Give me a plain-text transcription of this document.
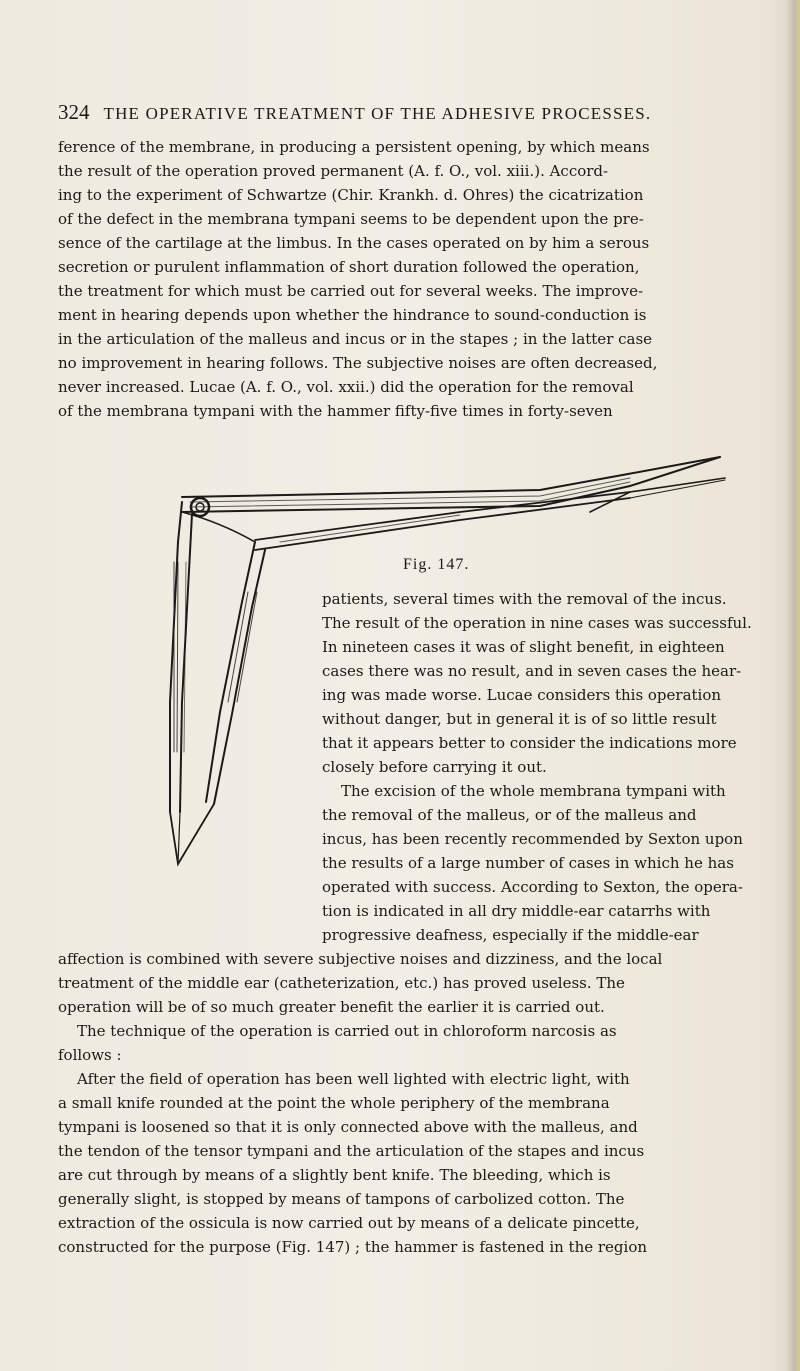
324 THE OPERATIVE TREATMENT OF THE ADHESIVE PROCESSES.

ference of the membrane, in producing a persistent opening, by which means

the result of the operation proved permanent (A. f. O., vol. xiii.). Accord-

ing to the experiment of Schwartze (Chir. Krankh. d. Ohres) the cicatrization

of the defect in the membrana tympani seems to be dependent upon the pre-

sence of the cartilage at the limbus. In the cases operated on by him a serous

secretion or purulent inflammation of short duration followed the operation,

the treatment for which must be carried out for several weeks. The improve-

ment in hearing depends upon whether the hindrance to sound-conduction is

in the articulation of the malleus and incus or in the stapes ; in the latter case

no improvement in hearing follows. The subjective noises are often decreased,

never increased. Lucae (A. f. O., vol. xxii.) did the operation for the removal

of the membrana tympani with the hammer fifty-five times in forty-seven

Fig. 147.

patients, several times with the removal of the incus.

The result of the operation in nine cases was successful.

In nineteen cases it was of slight benefit, in eighteen

cases there was no result, and in seven cases the hear-

ing was made worse. Lucae considers this operation

without danger, but in general it is of so little result

that it appears better to consider the indications more

closely before carrying it out.

The excision of the whole membrana tympani with

the removal of the malleus, or of the malleus and

incus, has been recently recommended by Sexton upon

the results of a large number of cases in which he has

operated with success. According to Sexton, the opera-

tion is indicated in all dry middle-ear catarrhs with

progressive deafness, especially if the middle-ear

affection is combined with severe subjective noises and dizziness, and the local

treatment of the middle ear (catheterization, etc.) has proved useless. The

operation will be of so much greater benefit the earlier it is carried out.

The technique of the operation is carried out in chloroform narcosis as

follows :

After the field of operation has been well lighted with electric light, with

a small knife rounded at the point the whole periphery of the membrana

tympani is loosened so that it is only connected above with the malleus, and

the tendon of the tensor tympani and the articulation of the stapes and incus

are cut through by means of a slightly bent knife. The bleeding, which is

generally slight, is stopped by means of tampons of carbolized cotton. The

extraction of the ossicula is now carried out by means of a delicate pincette,

constructed for the purpose (Fig. 147) ; the hammer is fastened in the region
